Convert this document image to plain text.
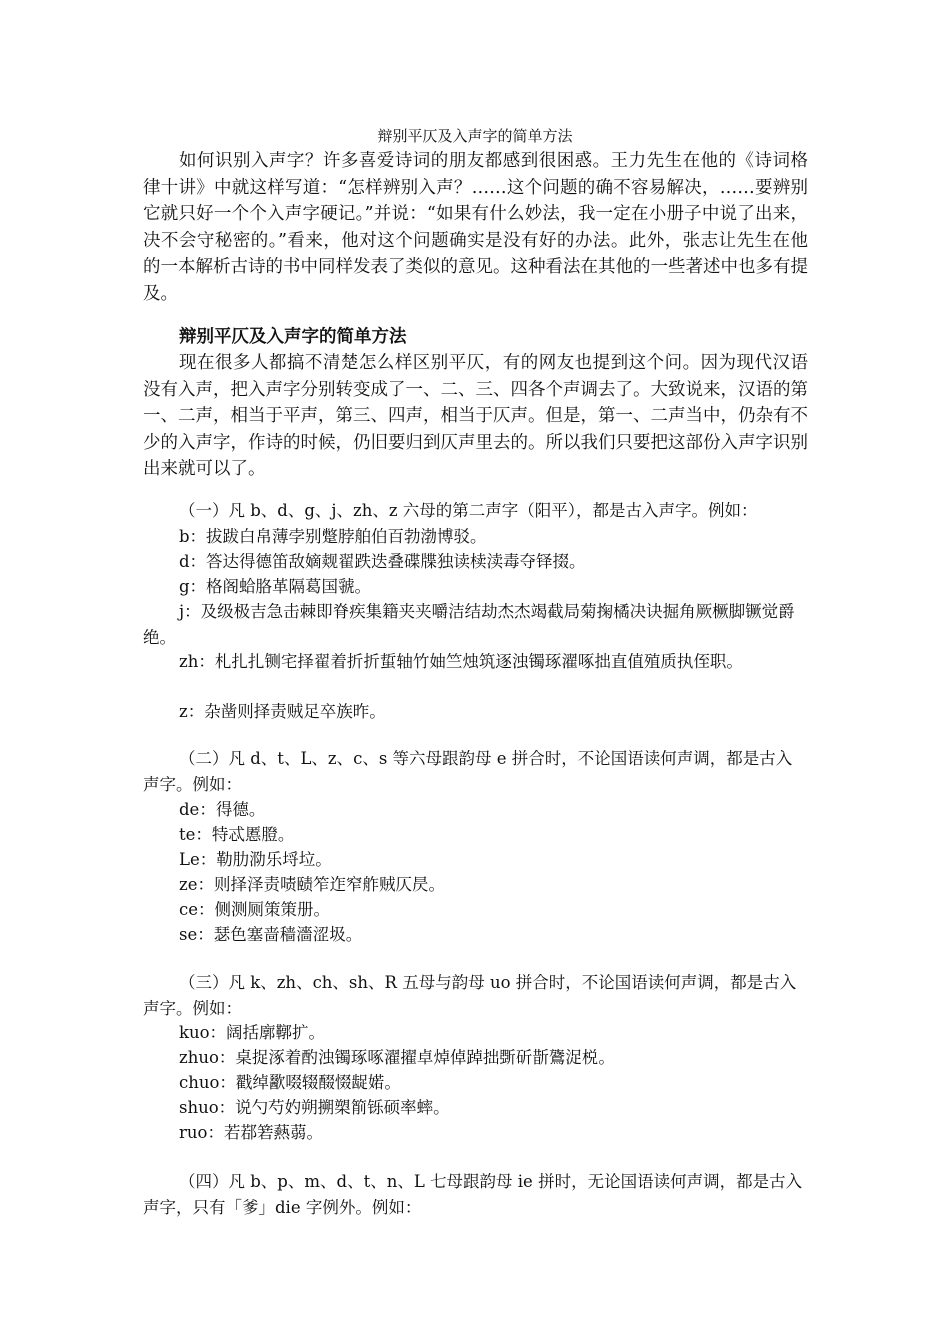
辩别平仄及入声字的简单方法

如何识别入声字？许多喜爱诗词的朋友都感到很困惑。王力先生在他的《诗词格律十讲》中就这样写道：“怎样辨别入声？……这个问题的确不容易解决，……要辨别它就只好一个个入声字硬记。”并说：“如果有什么妙法，我一定在小册子中说了出来，决不会守秘密的。”看来，他对这个问题确实是没有好的办法。此外，张志让先生在他的一本解析古诗的书中同样发表了类似的意见。这种看法在其他的一些著述中也多有提及。

辩别平仄及入声字的简单方法

现在很多人都搞不清楚怎么样区别平仄，有的网友也提到这个问。因为现代汉语没有入声，把入声字分别转变成了一、二、三、四各个声调去了。大致说来，汉语的第一、二声，相当于平声，第三、四声，相当于仄声。但是，第一、二声当中，仍杂有不少的入声字，作诗的时候，仍旧要归到仄声里去的。所以我们只要把这部份入声字识别出来就可以了。

（一）凡 b、d、g、j、zh、z 六母的第二声字（阳平），都是古入声字。例如：

b：拔跋白帛薄孛别蹩脖舶伯百勃渤博驳。

d：答达得德笛敌嫡觌翟跌迭叠碟牒独读椟渎毒夺铎掇。

g：格阁蛤胳革隔葛国虢。

j：及级极吉急击棘即脊疾集籍夹夹嚼洁结劫杰杰竭截局菊掬橘决诀掘角厥橛脚镢觉爵绝。

zh：札扎扎铡宅择翟着折折蜇轴竹妯竺烛筑逐浊镯琢濯啄拙直值殖质执侄职。

z：杂凿则择责贼足卒族昨。

（二）凡 d、t、L、z、c、s 等六母跟韵母 e 拼合时，不论国语读何声调，都是古入声字。例如：

de：得德。

te：特忒慝膯。

Le：勒肋泐乐埒垃。

ze：则择泽责啧赜笮迮窄舴贼仄昃。

ce：侧测厕策策册。

se：瑟色塞啬穑濇涩圾。

（三）凡 k、zh、ch、sh、R 五母与韵母 uo 拼合时，不论国语读何声调，都是古入声字。例如：

kuo：阔括廓鞹扩。

zhuo：桌捉涿着酌浊镯琢啄濯擢卓焯倬踔拙斲斫斮鷟浞棁。

chuo：戳绰歠啜辍醊惙龊婼。

shuo：说勺芍妁朔搠槊箾铄硕率蟀。

ruo：若鄀箬爇蒻。

（四）凡 b、p、m、d、t、n、L 七母跟韵母 ie 拼时，无论国语读何声调，都是古入声字，只有「爹」die 字例外。例如：
